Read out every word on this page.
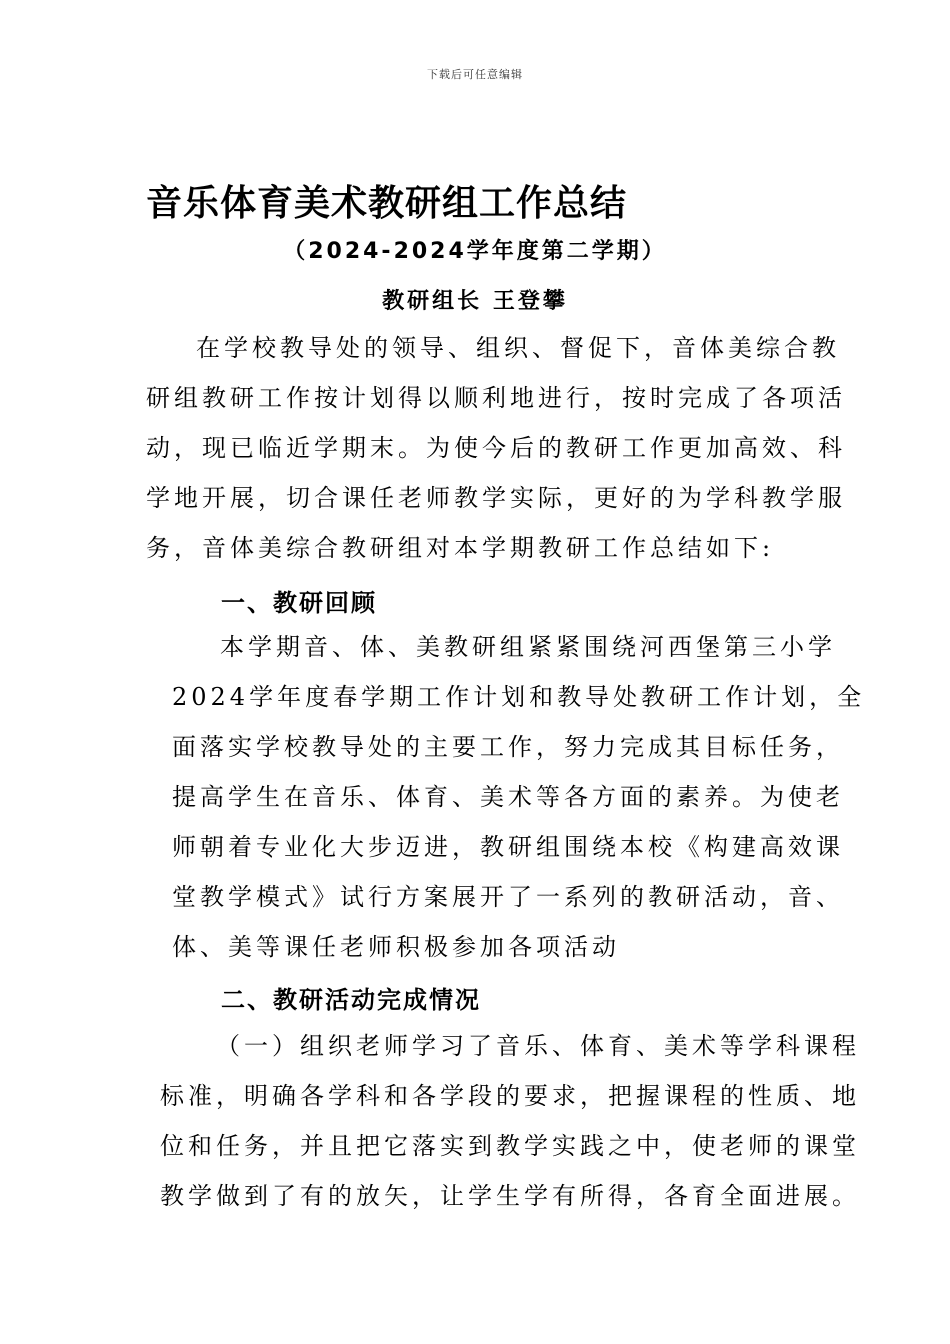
下载后可任意编辑
音乐体育美术教研组工作总结
（2024-2024学年度第二学期）
教研组长 王登攀
在学校教导处的领导、组织、督促下，音体美综合教
研组教研工作按计划得以顺利地进行，按时完成了各项活
动，现已临近学期末。为使今后的教研工作更加高效、科
学地开展，切合课任老师教学实际，更好的为学科教学服
务，音体美综合教研组对本学期教研工作总结如下:
一、教研回顾
本学期音、体、美教研组紧紧围绕河西堡第三小学
2024学年度春学期工作计划和教导处教研工作计划，全
面落实学校教导处的主要工作，努力完成其目标任务，
提高学生在音乐、体育、美术等各方面的素养。为使老
师朝着专业化大步迈进，教研组围绕本校《构建高效课
堂教学模式》试行方案展开了一系列的教研活动，音、
体、美等课任老师积极参加各项活动
二、教研活动完成情况
（一）组织老师学习了音乐、体育、美术等学科课程
标准，明确各学科和各学段的要求，把握课程的性质、地
位和任务，并且把它落实到教学实践之中，使老师的课堂
教学做到了有的放矢，让学生学有所得，各育全面进展。
